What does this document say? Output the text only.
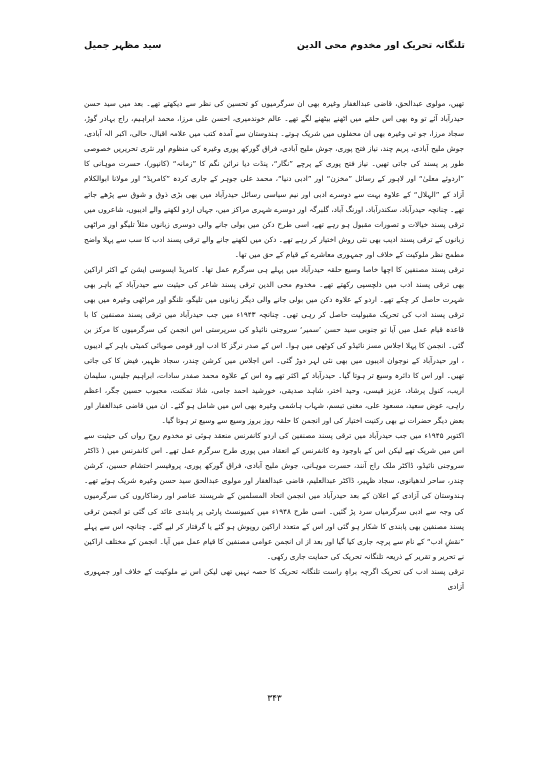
سید مظہر جمیل	تلنگانہ تحریک اور مخدوم محی الدین

تھیں، مولوی عبدالحق، قاضی عبدالغفار وغیرہ بھی ان سرگرمیوں کو تحسین کی نظر سے دیکھتے تھے۔ بعد میں سید حسن حیدرآباد آئے تو وہ بھی اس حلقے میں اٹھنے بیٹھنے لگے تھے۔ عالم خوندمیری، احسن علی مرزا، محمد ابراہیم، راج بہادر گوڑ، سجاد مرزا، جو تی وغیرہ بھی ان محفلوں میں شریک ہوتے۔ ہندوستان سے آمدہ کتب میں علامہ اقبال، حالی، اکبر الہ آبادی، جوش ملیح آبادی، پریم چند، نیاز فتح پوری، جوش ملیح آبادی، فراق گورکھ پوری وغیرہ کی منظوم اور نثری تحریریں خصوصی طور پر پسند کی جاتی تھیں۔ نیاز فتح پوری کے پرچے ”نگار“، پنڈت دیا نرائن نگم کا ”زمانہ“ (کانپور)، حسرت موہانی کا ”اردوئے معلیٰ“ اور لاہور کے رسائل ”مخزن“ اور ”ادبی دنیا“، محمد علی جوہر کے جاری کردہ ”کامریڈ“ اور مولانا ابوالکلام آزاد کے ”الہلال“ کے علاوہ بہت سے دوسرے ادبی اور نیم سیاسی رسائل حیدرآباد میں بھی بڑی ذوق و شوق سے پڑھے جاتے تھے۔ چنانچہ حیدرآباد، سکندرآباد، اورنگ آباد، گلبرگہ اور دوسرے شہری مراکز میں، جہاں اردو لکھنے والے ادیبوں، شاعروں میں ترقی پسند خیالات و تصورات مقبول ہو رہے تھے، اسی طرح دکن میں بولی جانے والی دوسری زبانوں مثلاً تلیگو اور مراٹھی زبانوں کے ترقی پسند ادیب بھی نئی روش اختیار کر رہے تھے۔ دکن میں لکھنے جانے والے ترقی پسند ادب کا سب سے پہلا واضح مطمح نظر ملوکیت کے خلاف اور جمہوری معاشرے کے قیام کے حق میں تھا۔

ترقی پسند مصنفین کا اچھا خاصا وسیع حلقہ حیدرآباد میں پہلے ہی سرگرم عمل تھا۔ کامریڈ ایسوسی ایشن کے اکثر اراکین بھی ترقی پسند ادب میں دلچسپی رکھتے تھے۔ مخدوم محی الدین ترقی پسند شاعر کی حیثیت سے حیدرآباد کے باہر بھی شہرت حاصل کر چکے تھے۔ اردو کے علاوہ دکن میں بولی جانے والی دیگر زبانوں میں تلیگو، تلنگو اور مراٹھی وغیرہ میں بھی ترقی پسند ادب کی تحریک مقبولیت حاصل کر رہی تھی۔ چنانچہ ۱۹۴۳ء میں جب حیدرآباد میں ترقی پسند مصنفین کا با قاعدہ قیام عمل میں آیا تو جنوبی سید حسن ’سمیر‘ سروجنی نائیڈو کی سرپرستی اس انجمن کی سرگرمیوں کا مرکز بن گئی۔ انجمن کا پہلا اجلاس مسز نائیڈو کی کوٹھی میں ہوا۔ اس کے صدر نرگز کا ادب اور قومی صوبائی کمیٹی باہر کے ادیبوں ، اور حیدرآباد کے نوجوان ادیبوں میں بھی نئی لہر دوڑ گئی۔ اس اجلاس میں کرشن چندر، سجاد ظہیر، فیض کا کی جاتی تھیں۔ اور اس کا دائرہ وسیع تر ہوتا گیا۔ حیدرآباد کے اکثر تھے وہ اس کے علاوہ محمد صفدر سادات، ابراہیم جلیس، سلیمان اریب، کنول پرشاد، عزیز قیسی، وحید اختر، شاہد صدیقی، خورشید احمد جامی، شاذ تمکنت، محبوب حسین جگر، اعظم راہی، عوض سعید، مسعود علی، مغنی تبسم، شہاب ہاشمی وغیرہ بھی اس میں شامل ہو گئے۔ ان میں قاضی عبدالغفار اور بعض دیگر حضرات نے بھی رکنیت اختیار کی اور انجمن کا حلقہ روز بروز وسیع سے وسیع تر ہوتا گیا۔

اکتوبر ۱۹۴۵ء میں جب حیدرآباد میں ترقی پسند مصنفین کی اردو کانفرنس منعقد ہوئی تو مخدوم روحِ رواں کی حیثیت سے اس میں شریک تھے لیکن اس کے باوجود وہ کانفرنس کے انعقاد میں پوری طرح سرگرم عمل تھے۔ اس کانفرنس میں ( ڈاکٹر سروجنی نائیڈو، ڈاکٹر ملک راج آنند، حسرت موہانی، جوش ملیح آبادی، فراق گورکھ پوری، پروفیسر احتشام حسین، کرشن چندر، ساحر لدھیانوی، سجاد ظہیر، ڈاکٹر عبدالعلیم، قاضی عبدالغفار اور مولوی عبدالحق سید حسن وغیرہ شریک ہوئے تھے۔ ہندوستان کی آزادی کے اعلان کے بعد حیدرآباد میں انجمن اتحاد المسلمین کے شرپسند عناصر اور رضاکاروں کی سرگرمیوں کی وجہ سے ادبی سرگرمیاں سرد پڑ گئیں۔ اسی طرح ۱۹۴۸ء میں کمیونسٹ پارٹی پر پابندی عائد کی گئی تو انجمن ترقی پسند مصنفین بھی پابندی کا شکار ہو گئی اور اس کے متعدد اراکین روپوش ہو گئے یا گرفتار کر لیے گئے۔ چنانچہ اس سے پہلے ”نقشِ ادب“ کے نام سے پرچہ جاری کیا گیا اور بعد از اں انجمن عوامی مصنفین کا قیام عمل میں آیا۔ انجمن کے مختلف اراکین نے تحریر و تقریر کے ذریعہ تلنگانہ تحریک کی حمایت جاری رکھی۔

ترقی پسند ادب کی تحریک اگرچہ براہِ راست تلنگانہ تحریک کا حصہ نہیں تھی لیکن اس نے ملوکیت کے خلاف اور جمہوری آزادی

۳۴۳
